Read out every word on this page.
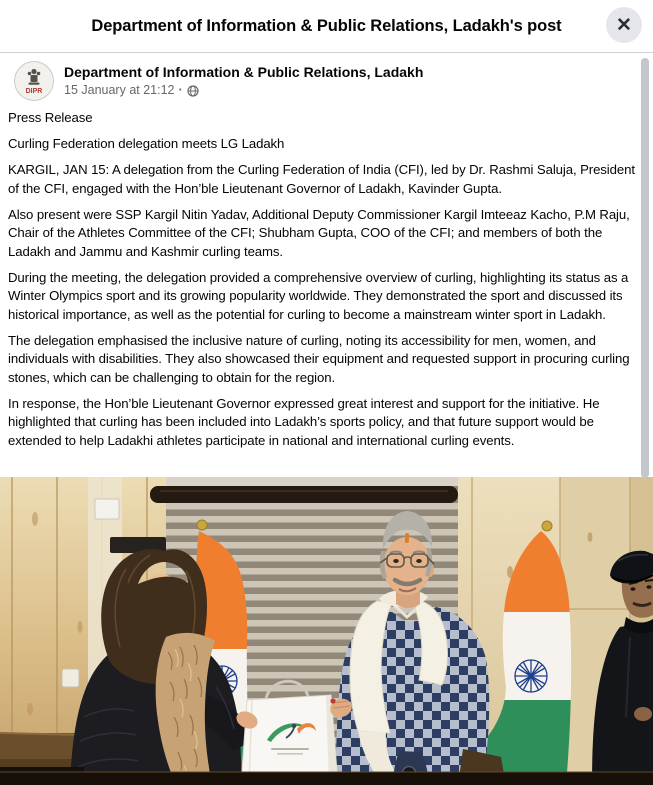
Department of Information & Public Relations, Ladakh's post	✕
DIPR
Department of Information & Public Relations, Ladakh
15 January at 21:12 ·

Press Release

Curling Federation delegation meets LG Ladakh

KARGIL, JAN 15: A delegation from the Curling Federation of India (CFI), led by Dr. Rashmi Saluja, President of the CFI, engaged with the Hon’ble Lieutenant Governor of Ladakh, Kavinder Gupta.

Also present were SSP Kargil Nitin Yadav, Additional Deputy Commissioner Kargil Imteeaz Kacho, P.M Raju, Chair of the Athletes Committee of the CFI; Shubham Gupta, COO of the CFI; and members of both the Ladakh and Jammu and Kashmir curling teams.

During the meeting, the delegation provided a comprehensive overview of curling, highlighting its status as a Winter Olympics sport and its growing popularity worldwide. They demonstrated the sport and discussed its historical importance, as well as the potential for curling to become a mainstream winter sport in Ladakh.

The delegation emphasised the inclusive nature of curling, noting its accessibility for men, women, and individuals with disabilities. They also showcased their equipment and requested support in procuring curling stones, which can be challenging to obtain for the region.

In response, the Hon’ble Lieutenant Governor expressed great interest and support for the initiative. He highlighted that curling has been included into Ladakh’s sports policy, and that future support would be extended to help Ladakhi athletes participate in national and international curling events.
